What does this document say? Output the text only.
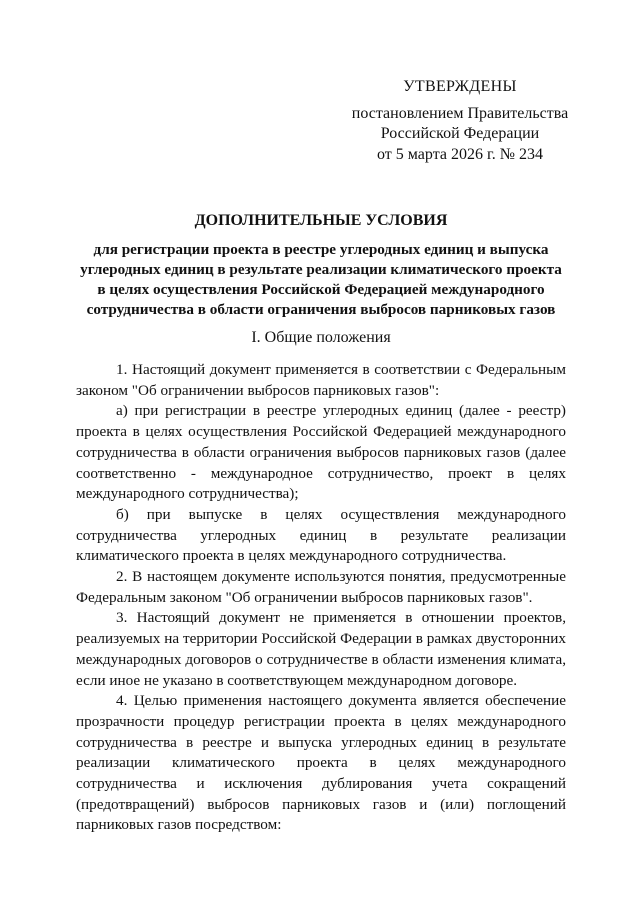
УТВЕРЖДЕНЫ
постановлением Правительства
Российской Федерации
от 5 марта 2026 г. № 234
ДОПОЛНИТЕЛЬНЫЕ УСЛОВИЯ
для регистрации проекта в реестре углеродных единиц и выпуска углеродных единиц в результате реализации климатического проекта в целях осуществления Российской Федерацией международного сотрудничества в области ограничения выбросов парниковых газов
I. Общие положения

1. Настоящий документ применяется в соответствии с Федеральным законом "Об ограничении выбросов парниковых газов":

а) при регистрации в реестре углеродных единиц (далее - реестр) проекта в целях осуществления Российской Федерацией международного сотрудничества в области ограничения выбросов парниковых газов (далее соответственно - международное сотрудничество, проект в целях международного сотрудничества);

б) при выпуске в целях осуществления международного сотрудничества углеродных единиц в результате реализации климатического проекта в целях международного сотрудничества.

2. В настоящем документе используются понятия, предусмотренные Федеральным законом "Об ограничении выбросов парниковых газов".

3. Настоящий документ не применяется в отношении проектов, реализуемых на территории Российской Федерации в рамках двусторонних международных договоров о сотрудничестве в области изменения климата, если иное не указано в соответствующем международном договоре.

4. Целью применения настоящего документа является обеспечение прозрачности процедур регистрации проекта в целях международного сотрудничества в реестре и выпуска углеродных единиц в результате реализации климатического проекта в целях международного сотрудничества и исключения дублирования учета сокращений (предотвращений) выбросов парниковых газов и (или) поглощений парниковых газов посредством:
